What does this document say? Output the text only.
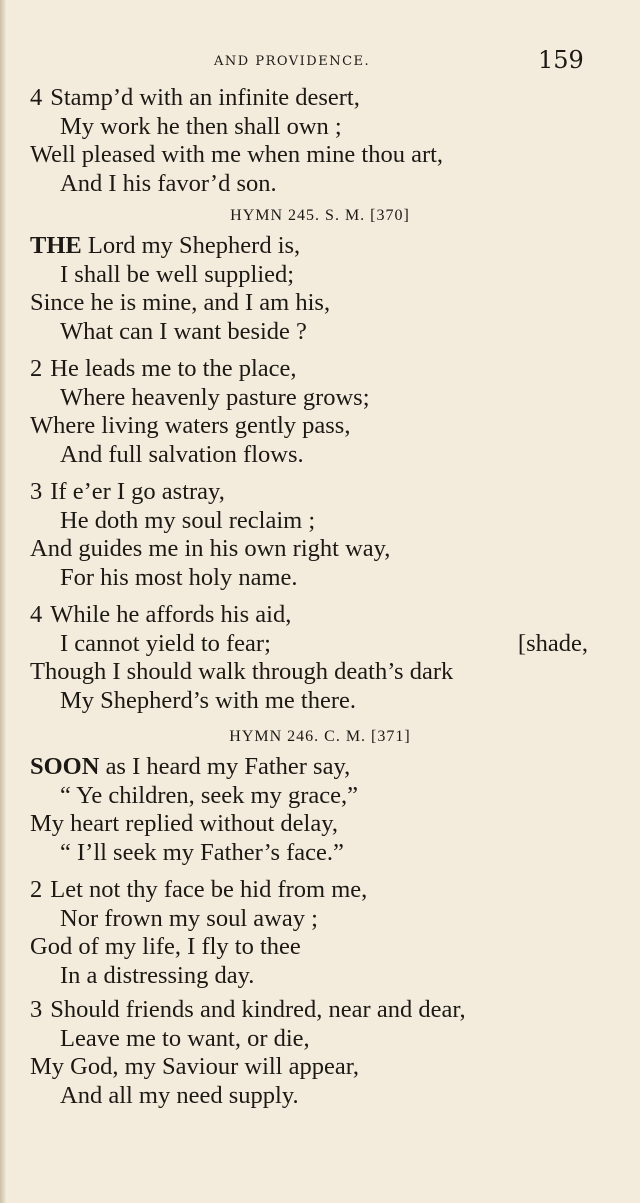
AND PROVIDENCE.	159
4 Stamp’d with an infinite desert,
My work he then shall own ;
Well pleased with me when mine thou art,
And I his favor’d son.
HYMN 245. S. M. [370]
THE Lord my Shepherd is,
I shall be well supplied;
Since he is mine, and I am his,
What can I want beside ?
2 He leads me to the place,
Where heavenly pasture grows;
Where living waters gently pass,
And full salvation flows.
3 If e’er I go astray,
He doth my soul reclaim ;
And guides me in his own right way,
For his most holy name.
4 While he affords his aid,
I cannot yield to fear;	[shade,
Though I should walk through death’s dark
My Shepherd’s with me there.
HYMN 246. C. M. [371]
SOON as I heard my Father say,
“ Ye children, seek my grace,”
My heart replied without delay,
“ I’ll seek my Father’s face.”
2 Let not thy face be hid from me,
Nor frown my soul away ;
God of my life, I fly to thee
In a distressing day.
3 Should friends and kindred, near and dear,
Leave me to want, or die,
My God, my Saviour will appear,
And all my need supply.
